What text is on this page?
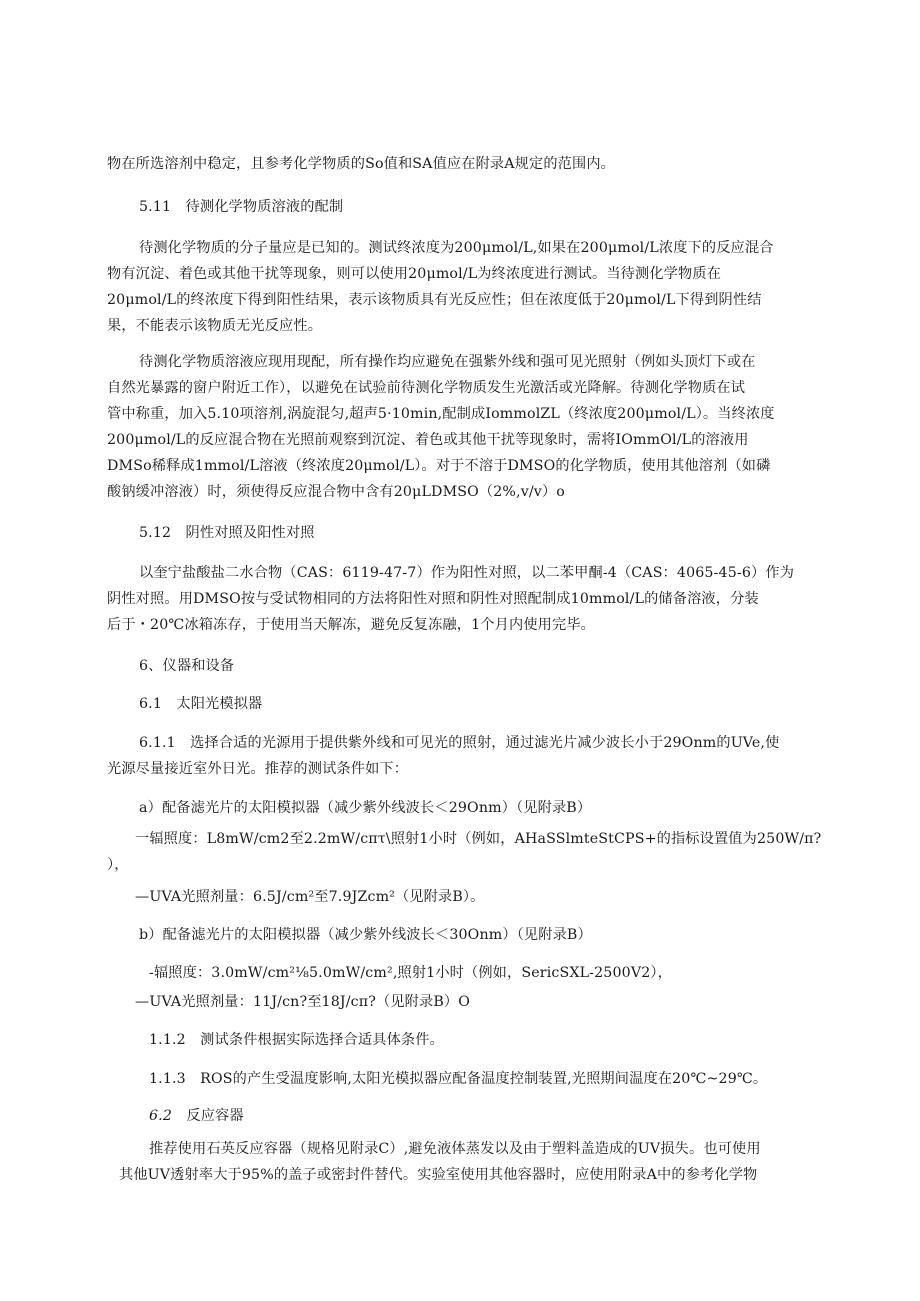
物在所选溶剂中稳定，且参考化学物质的So值和SA值应在附录A规定的范围内。

5.11　待测化学物质溶液的配制

待测化学物质的分子量应是已知的。测试终浓度为200μmol∕L,如果在200μmol∕L浓度下的反应混合

物有沉淀、着色或其他干扰等现象，则可以使用20μmol∕L为终浓度进行测试。当待测化学物质在

20μmol∕L的终浓度下得到阳性结果，表示该物质具有光反应性；但在浓度低于20μmol∕L下得到阴性结

果，不能表示该物质无光反应性。

待测化学物质溶液应现用现配，所有操作均应避免在强紫外线和强可见光照射（例如头顶灯下或在

自然光暴露的窗户附近工作），以避免在试验前待测化学物质发生光激活或光降解。待测化学物质在试

管中称重，加入5.10项溶剂,涡旋混匀,超声5·10min,配制成IommolZL（终浓度200μmol∕L）。当终浓度

200μmol∕L的反应混合物在光照前观察到沉淀、着色或其他干扰等现象时，需将IOmmOl/L的溶液用

DMSo稀释成1mmol/L溶液（终浓度20μmol∕L）。对于不溶于DMSO的化学物质，使用其他溶剂（如磷

酸钠缓冲溶液）时，须使得反应混合物中含有20μLDMSO（2%,v∕v）o

5.12　阴性对照及阳性对照

以奎宁盐酸盐二水合物（CAS：6119-47-7）作为阳性对照，以二苯甲酮-4（CAS：4065-45-6）作为

阴性对照。用DMSO按与受试物相同的方法将阳性对照和阴性对照配制成10mmol/L的储备溶液，分装

后于・20℃冰箱冻存，于使用当天解冻，避免反复冻融，1个月内使用完毕。

6、仪器和设备

6.1　太阳光模拟器

6.1.1　选择合适的光源用于提供紫外线和可见光的照射，通过滤光片减少波长小于29Onm的UVe,使

光源尽量接近室外日光。推荐的测试条件如下：

a）配备滤光片的太阳模拟器（减少紫外线波长＜29Onm）（见附录B）

一辐照度：L8mW∕cm2至2.2mW∕cπτ\照射1小时（例如，AHaSSlmteStCPS+的指标设置值为250W∕π?

），

—UVA光照剂量：6.5J∕cm²至7.9JZcm²（见附录B）。

b）配备滤光片的太阳模拟器（减少紫外线波长＜30Onm）（见附录B）

-辐照度：3.0mW∕cm²⅛5.0mW∕cm²,照射1小时（例如，SericSXL-2500V2），

—UVA光照剂量：11J∕cn?至18J∕cπ?（见附录B）O

1.1.2　测试条件根据实际选择合适具体条件。

1.1.3　ROS的产生受温度影响,太阳光模拟器应配备温度控制装置,光照期间温度在20℃~29℃。

6.2　 反应容器

推荐使用石英反应容器（规格见附录C）,避免液体蒸发以及由于塑料盖造成的UV损失。也可使用

其他UV透射率大于95%的盖子或密封件替代。实验室使用其他容器时，应使用附录A中的参考化学物
